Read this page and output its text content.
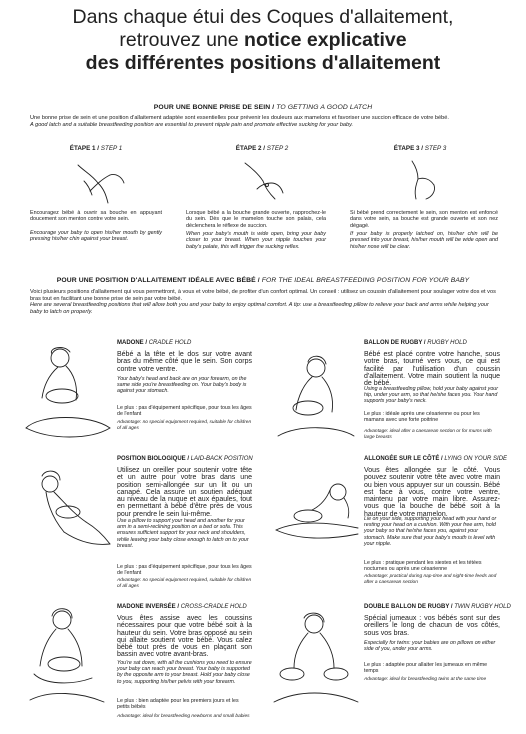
Dans chaque étui des Coques d'allaitement,
retrouvez une notice explicative
des différentes positions d'allaitement
POUR UNE BONNE PRISE DE SEIN / TO GETTING A GOOD LATCH
Une bonne prise de sein et une position d'allaitement adaptée sont essentielles pour prévenir les douleurs aux mamelons et favoriser une succion efficace de votre bébé.
A good latch and a suitable breastfeeding position are essential to prevent nipple pain and promote effective sucking for your baby.
ÉTAPE 1 / STEP 1
Encouragez bébé à ouvrir sa bouche en appuyant doucement son menton contre votre sein.
Encourage your baby to open his/her mouth by gently pressing his/her chin against your breast.
ÉTAPE 2 / STEP 2
Lorsque bébé a la bouche grande ouverte, rapprochez-le du sein. Dès que le mamelon touche son palais, cela déclenchera le réflexe de succion.
When your baby's mouth is wide open, bring your baby closer to your breast. When your nipple touches your baby's palate, this will trigger the sucking reflex.
ÉTAPE 3 / STEP 3
Si bébé prend correctement le sein, son menton est enfoncé dans votre sein, sa bouche est grande ouverte et son nez dégagé.
If your baby is properly latched on, his/her chin will be pressed into your breast, his/her mouth will be wide open and his/her nose will be clear.
POUR UNE POSITION D'ALLAITEMENT IDÉALE AVEC BÉBÉ / FOR THE IDEAL BREASTFEEDING POSITION FOR YOUR BABY
Voici plusieurs positions d'allaitement qui vous permettront, à vous et votre bébé, de profiter d'un confort optimal. Un conseil : utilisez un coussin d'allaitement pour soulager votre dos et vos bras tout en facilitant une bonne prise de sein par votre bébé.
Here are several breastfeeding positions that will allow both you and your baby to enjoy optimal comfort. A tip: use a breastfeeding pillow to relieve your back and arms while helping your baby to latch on properly.
MADONE / CRADLE HOLD
Bébé a la tête et le dos sur votre avant bras du même côté que le sein. Son corps contre votre ventre.
Your baby's head and back are on your forearm, on the same side you're breastfeeding on. Your baby's body is against your stomach.
Le plus : pas d'équipement spécifique, pour tous les âges de l'enfant
Advantage: no special equipment required, suitable for children of all ages
BALLON DE RUGBY / RUGBY HOLD
Bébé est placé contre votre hanche, sous votre bras, tourné vers vous, ce qui est facilité par l'utilisation d'un coussin d'allaitement. Votre main soutient la nuque de bébé.
Using a breastfeeding pillow, hold your baby against your hip, under your arm, so that he/she faces you. Your hand supports your baby's neck.
Le plus : idéale après une césarienne ou pour les mamans avec une forte poitrine
Advantage: ideal after a caesarean section or for mums with large breasts
POSITION BIOLOGIQUE / LAID-BACK POSITION
Utilisez un oreiller pour soutenir votre tête et un autre pour votre bras dans une position semi-allongée sur un lit ou un canapé. Cela assure un soutien adéquat au niveau de la nuque et aux épaules, tout en permettant à bébé d'être près de vous pour prendre le sein lui-même.
Use a pillow to support your head and another for your arm in a semi-reclining position on a bed or sofa. This ensures sufficient support for your neck and shoulders, while leaving your baby close enough to latch on to your breast.
Le plus : pas d'équipement spécifique, pour tous les âges de l'enfant
Advantage: no special equipment required, suitable for children of all ages
ALLONGÉE SUR LE CÔTÉ / LYING ON YOUR SIDE
Vous êtes allongée sur le côté. Vous pouvez soutenir votre tête avec votre main ou bien vous appuyer sur un coussin. Bébé est face à vous, contre votre ventre, maintenu par votre main libre. Assurez-vous que la bouche de bébé soit à la hauteur de votre mamelon.
Lie on your side, supporting your head with your hand or resting your head on a cushion. With your free arm, hold your baby so that he/she faces you, against your stomach. Make sure that your baby's mouth is level with your nipple.
Le plus : pratique pendant les siestes et les tétées nocturnes ou après une césarienne
Advantage: practical during nap-time and night-time feeds and after a caesarean section
MADONE INVERSÉE / CROSS-CRADLE HOLD
Vous êtes assise avec les coussins nécessaires pour que votre bébé soit à la hauteur du sein. Votre bras opposé au sein qui allaite soutient votre bébé. Vous calez bébé tout près de vous en plaçant son bassin avec votre avant-bras.
You're sat down, with all the cushions you need to ensure your baby can reach your breast. Your baby is supported by the opposite arm to your breast. Hold your baby close to you, supporting his/her pelvis with your forearm.
Le plus : bien adaptée pour les premiers jours et les petits bébés
Advantage: ideal for breastfeeding newborns and small babies
DOUBLE BALLON DE RUGBY / TWIN RUGBY HOLD
Spécial jumeaux : vos bébés sont sur des oreillers le long de chacun de vos côtés, sous vos bras.
Especially for twins: your babies are on pillows on either side of you, under your arms.
Le plus : adaptée pour allaiter les jumeaux en même temps
Advantage: ideal for breastfeeding twins at the same time
